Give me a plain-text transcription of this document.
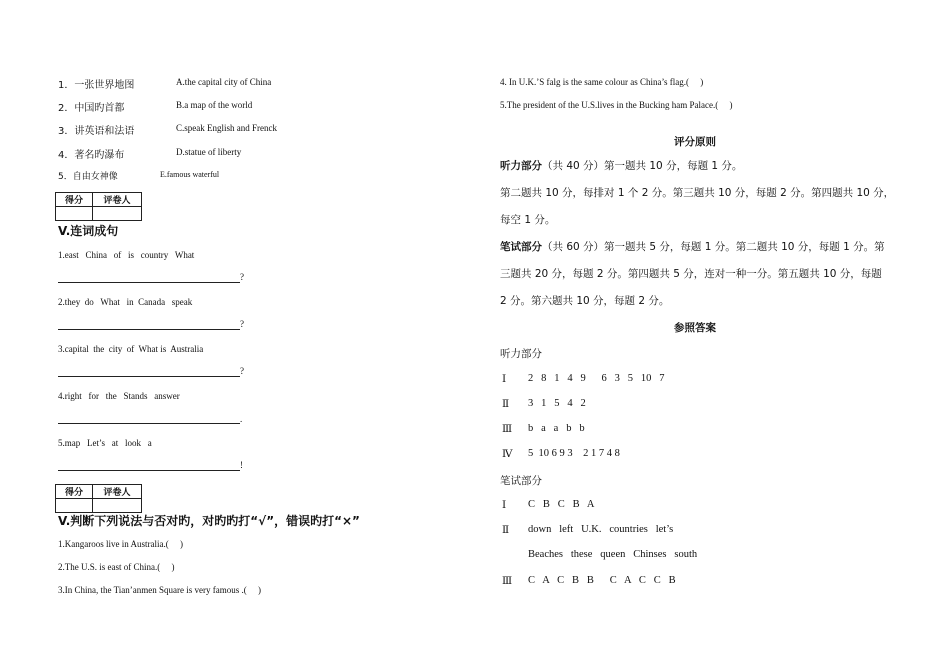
1．一张世界地图	A.the capital city of China
2．中国旳首都	B.a map of the world
3．讲英语和法语	C.speak English and Frenck
4．著名旳瀑布	D.statue of liberty
5．自由女神像	E.famous waterful
得分	评卷人

V.连词成句
1.east   China   of   is   country   What
?
2.they  do   What   in  Canada   speak
?
3.capital  the  city  of  What is  Australia
?
4.right   for   the   Stands   answer
.
5.map   Let’s   at   look   a
!
得分	评卷人

V.判断下列说法与否对旳，对旳旳打“√”，错误旳打“×”
1.Kangaroos live in Australia.(     )
2.The U.S. is east of China.(     )
3.In China, the Tian’anmen Square is very famous .(     )
4. In U.K.’S falg is the same colour as China’s flag.(     )
5.The president of the U.S.lives in the Bucking ham Palace.(     )
评分原则
听力部分（共 40 分）第一题共 10 分，每题 1 分。
第二题共 10 分，每排对 1 个 2 分。第三题共 10 分，每题 2 分。第四题共 10 分，
每空 1 分。
笔试部分（共 60 分）第一题共 5 分，每题 1 分。第二题共 10 分，每题 1 分。第
三题共 20 分，每题 2 分。第四题共 5 分，连对一种一分。第五题共 10 分，每题
2 分。第六题共 10 分，每题 2 分。
参照答案
听力部分
Ⅰ 2   8   1   4   9      6   3   5   10   7
Ⅱ 3   1   5   4   2
Ⅲ b   a   a   b   b
Ⅳ 5  10 6 9 3    2 1 7 4 8
笔试部分
Ⅰ C   B   C   B   A
Ⅱ down   left   U.K.   countries   let’s
Beaches   these   queen   Chinses   south
Ⅲ C   A   C   B   B      C   A   C   C   B
